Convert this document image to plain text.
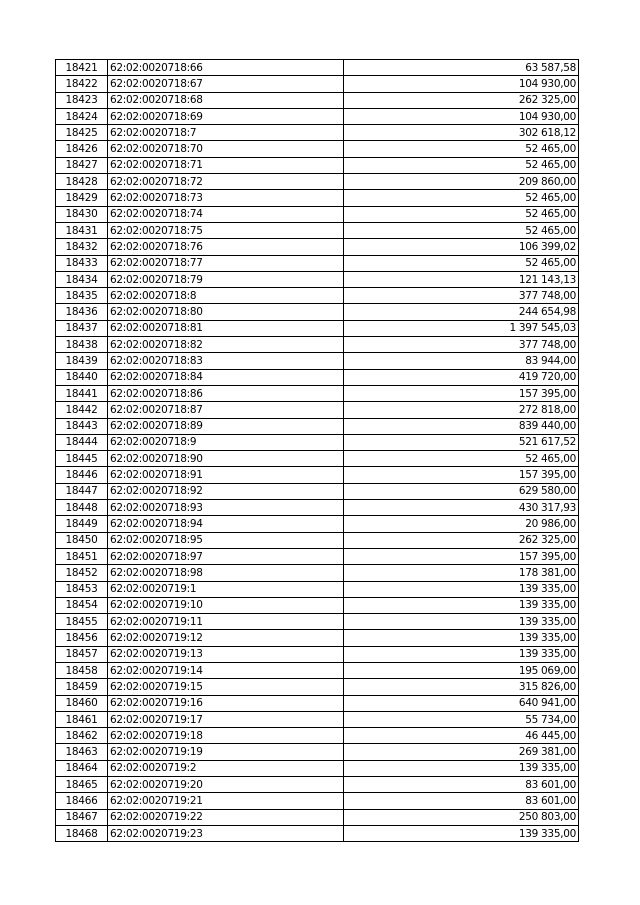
18421	62:02:0020718:66	63 587,58
18422	62:02:0020718:67	104 930,00
18423	62:02:0020718:68	262 325,00
18424	62:02:0020718:69	104 930,00
18425	62:02:0020718:7	302 618,12
18426	62:02:0020718:70	52 465,00
18427	62:02:0020718:71	52 465,00
18428	62:02:0020718:72	209 860,00
18429	62:02:0020718:73	52 465,00
18430	62:02:0020718:74	52 465,00
18431	62:02:0020718:75	52 465,00
18432	62:02:0020718:76	106 399,02
18433	62:02:0020718:77	52 465,00
18434	62:02:0020718:79	121 143,13
18435	62:02:0020718:8	377 748,00
18436	62:02:0020718:80	244 654,98
18437	62:02:0020718:81	1 397 545,03
18438	62:02:0020718:82	377 748,00
18439	62:02:0020718:83	83 944,00
18440	62:02:0020718:84	419 720,00
18441	62:02:0020718:86	157 395,00
18442	62:02:0020718:87	272 818,00
18443	62:02:0020718:89	839 440,00
18444	62:02:0020718:9	521 617,52
18445	62:02:0020718:90	52 465,00
18446	62:02:0020718:91	157 395,00
18447	62:02:0020718:92	629 580,00
18448	62:02:0020718:93	430 317,93
18449	62:02:0020718:94	20 986,00
18450	62:02:0020718:95	262 325,00
18451	62:02:0020718:97	157 395,00
18452	62:02:0020718:98	178 381,00
18453	62:02:0020719:1	139 335,00
18454	62:02:0020719:10	139 335,00
18455	62:02:0020719:11	139 335,00
18456	62:02:0020719:12	139 335,00
18457	62:02:0020719:13	139 335,00
18458	62:02:0020719:14	195 069,00
18459	62:02:0020719:15	315 826,00
18460	62:02:0020719:16	640 941,00
18461	62:02:0020719:17	55 734,00
18462	62:02:0020719:18	46 445,00
18463	62:02:0020719:19	269 381,00
18464	62:02:0020719:2	139 335,00
18465	62:02:0020719:20	83 601,00
18466	62:02:0020719:21	83 601,00
18467	62:02:0020719:22	250 803,00
18468	62:02:0020719:23	139 335,00
